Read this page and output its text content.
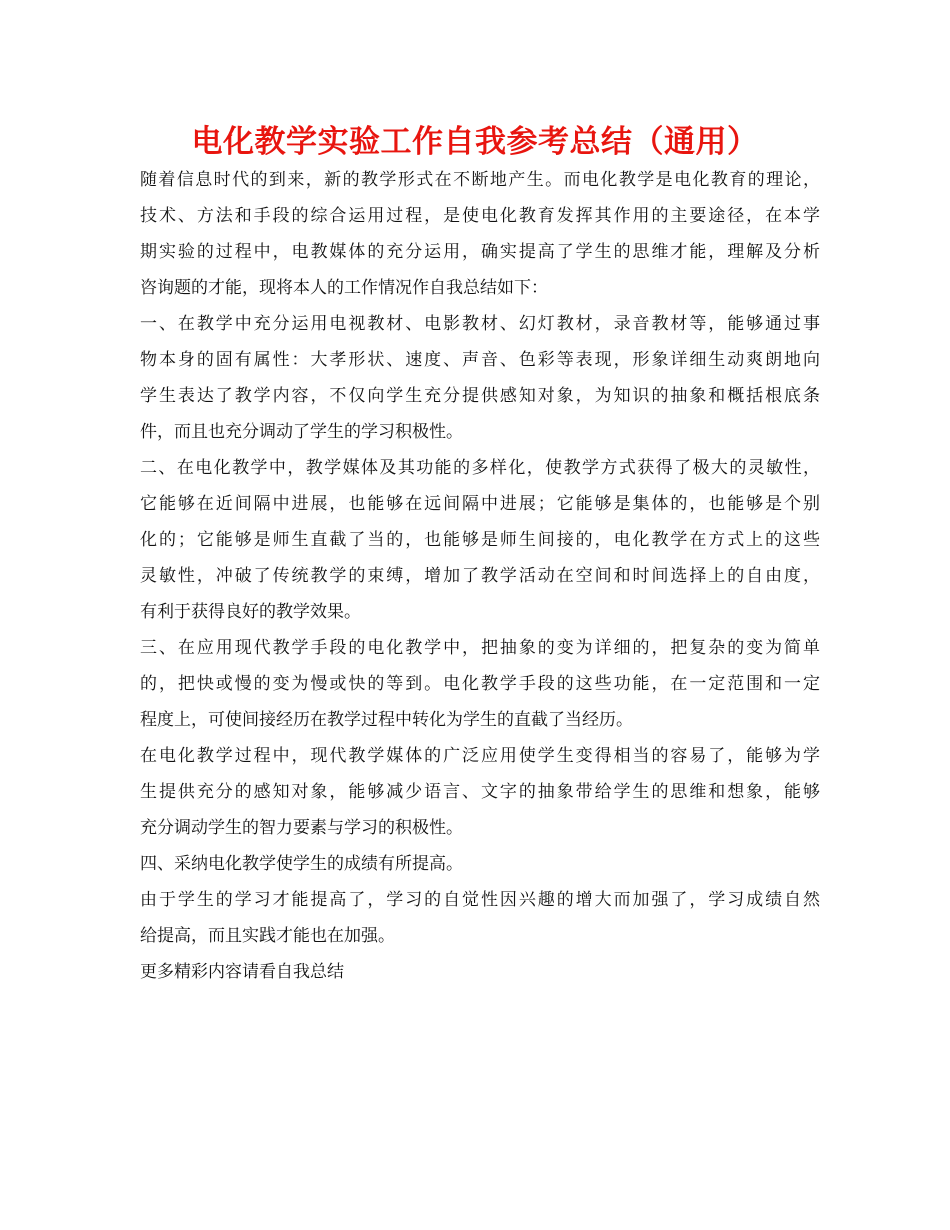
电化教学实验工作自我参考总结（通用）
随着信息时代的到来，新的教学形式在不断地产生。而电化教学是电化教育的理论，
技术、方法和手段的综合运用过程，是使电化教育发挥其作用的主要途径，在本学
期实验的过程中，电教媒体的充分运用，确实提高了学生的思维才能，理解及分析
咨询题的才能，现将本人的工作情况作自我总结如下：
一、在教学中充分运用电视教材、电影教材、幻灯教材，录音教材等，能够通过事
物本身的固有属性：大孝形状、速度、声音、色彩等表现，形象详细生动爽朗地向
学生表达了教学内容，不仅向学生充分提供感知对象，为知识的抽象和概括根底条
件，而且也充分调动了学生的学习积极性。
二、在电化教学中，教学媒体及其功能的多样化，使教学方式获得了极大的灵敏性，
它能够在近间隔中进展，也能够在远间隔中进展；它能够是集体的，也能够是个别
化的；它能够是师生直截了当的，也能够是师生间接的，电化教学在方式上的这些
灵敏性，冲破了传统教学的束缚，增加了教学活动在空间和时间选择上的自由度，
有利于获得良好的教学效果。
三、在应用现代教学手段的电化教学中，把抽象的变为详细的，把复杂的变为简单
的，把快或慢的变为慢或快的等到。电化教学手段的这些功能，在一定范围和一定
程度上，可使间接经历在教学过程中转化为学生的直截了当经历。
在电化教学过程中，现代教学媒体的广泛应用使学生变得相当的容易了，能够为学
生提供充分的感知对象，能够减少语言、文字的抽象带给学生的思维和想象，能够
充分调动学生的智力要素与学习的积极性。
四、采纳电化教学使学生的成绩有所提高。
由于学生的学习才能提高了，学习的自觉性因兴趣的增大而加强了，学习成绩自然
给提高，而且实践才能也在加强。
更多精彩内容请看自我总结
